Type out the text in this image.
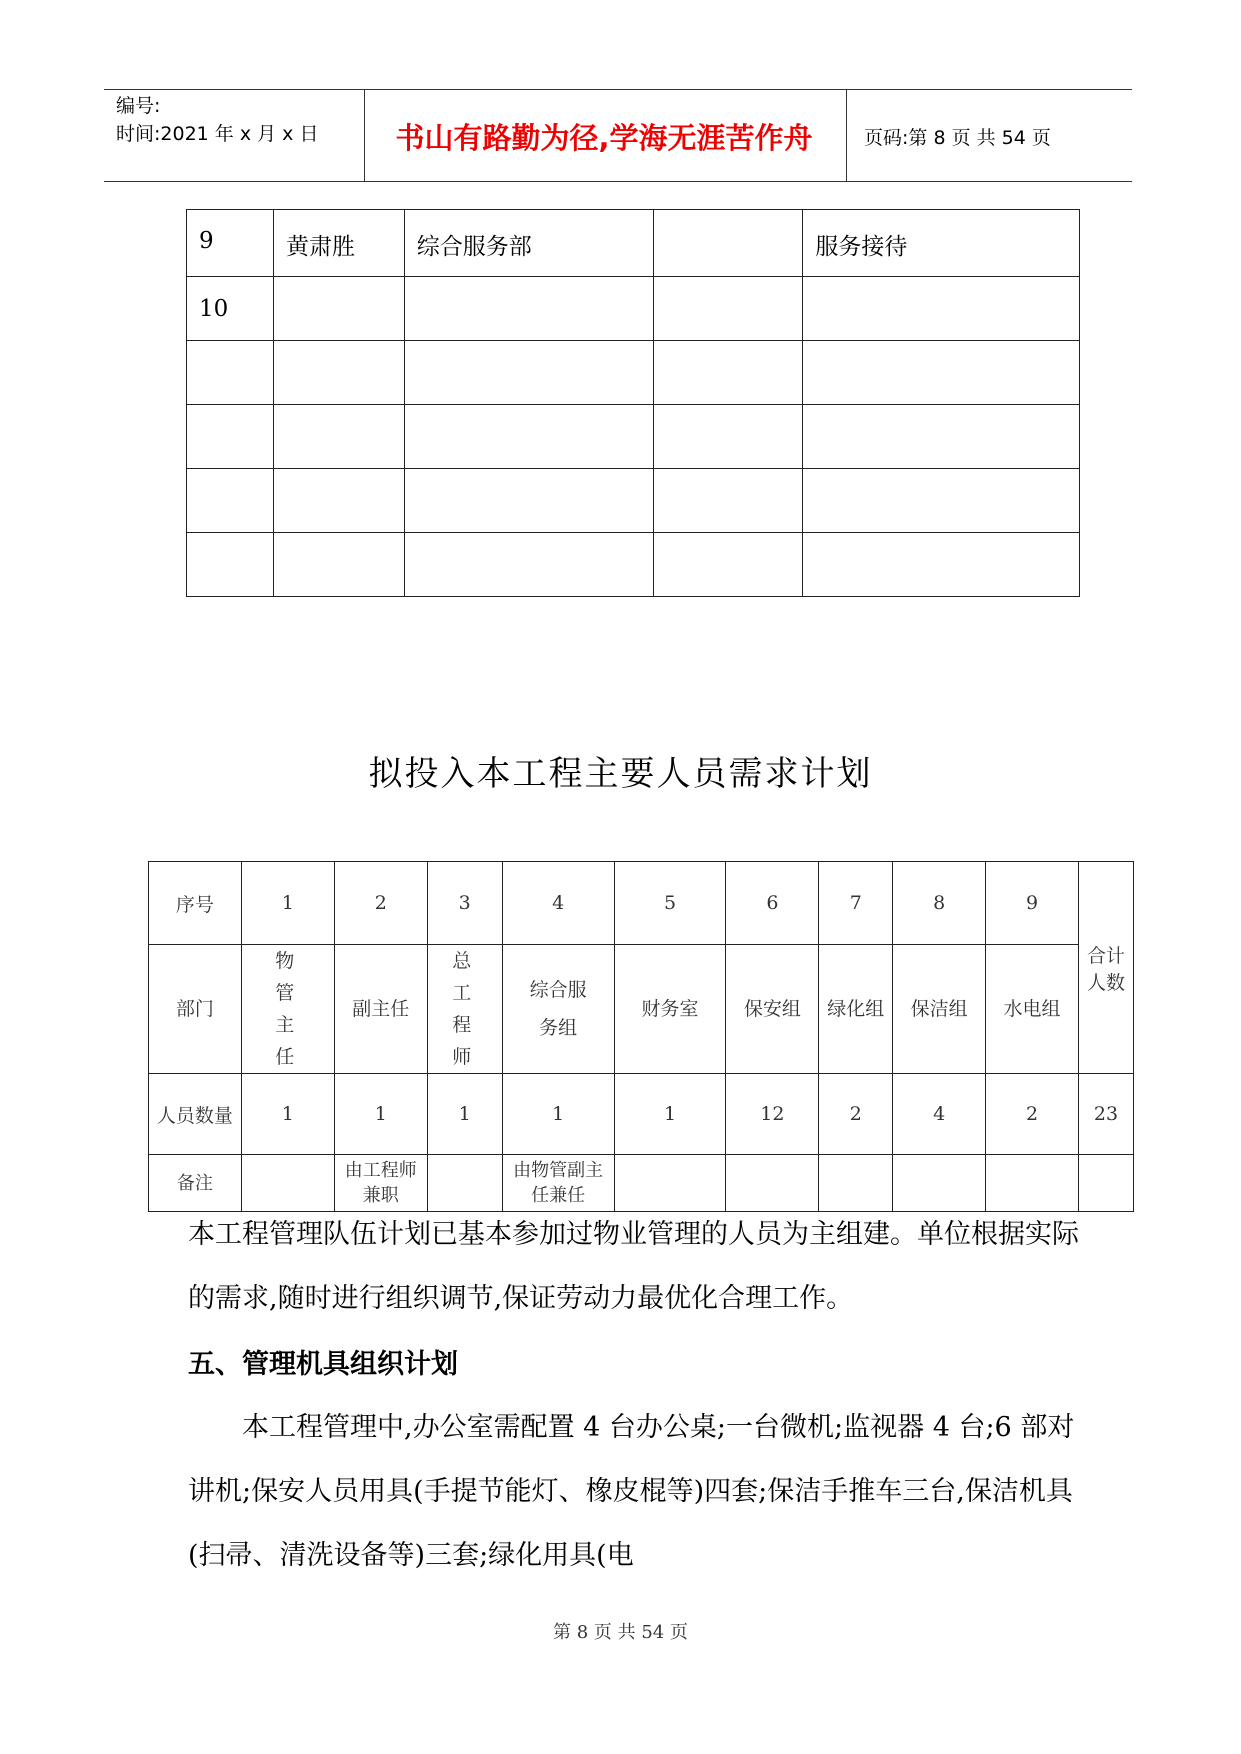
编号:
时间:2021 年 x 月 x 日	书山有路勤为径,学海无涯苦作舟	页码:第 8 页 共 54 页
9	黄肃胜	综合服务部		服务接待
10				

拟投入本工程主要人员需求计划
序号	1	2	3	4	5	6	7	8	9	合计人数
部门	物管主任	副主任	总工程师	综合服务组	财务室	保安组	绿化组	保洁组	水电组	
人员数量	1	1	1	1	1	12	2	4	2	23
备注		由工程师兼职		由物管副主任兼任						
本工程管理队伍计划已基本参加过物业管理的人员为主组建。单位根据实际的需求,随时进行组织调节,保证劳动力最优化合理工作。
五、管理机具组织计划
本工程管理中,办公室需配置 4 台办公桌;一台微机;监视器 4 台;6 部对讲机;保安人员用具(手提节能灯、橡皮棍等)四套;保洁手推车三台,保洁机具(扫帚、清洗设备等)三套;绿化用具(电
第 8 页 共 54 页
